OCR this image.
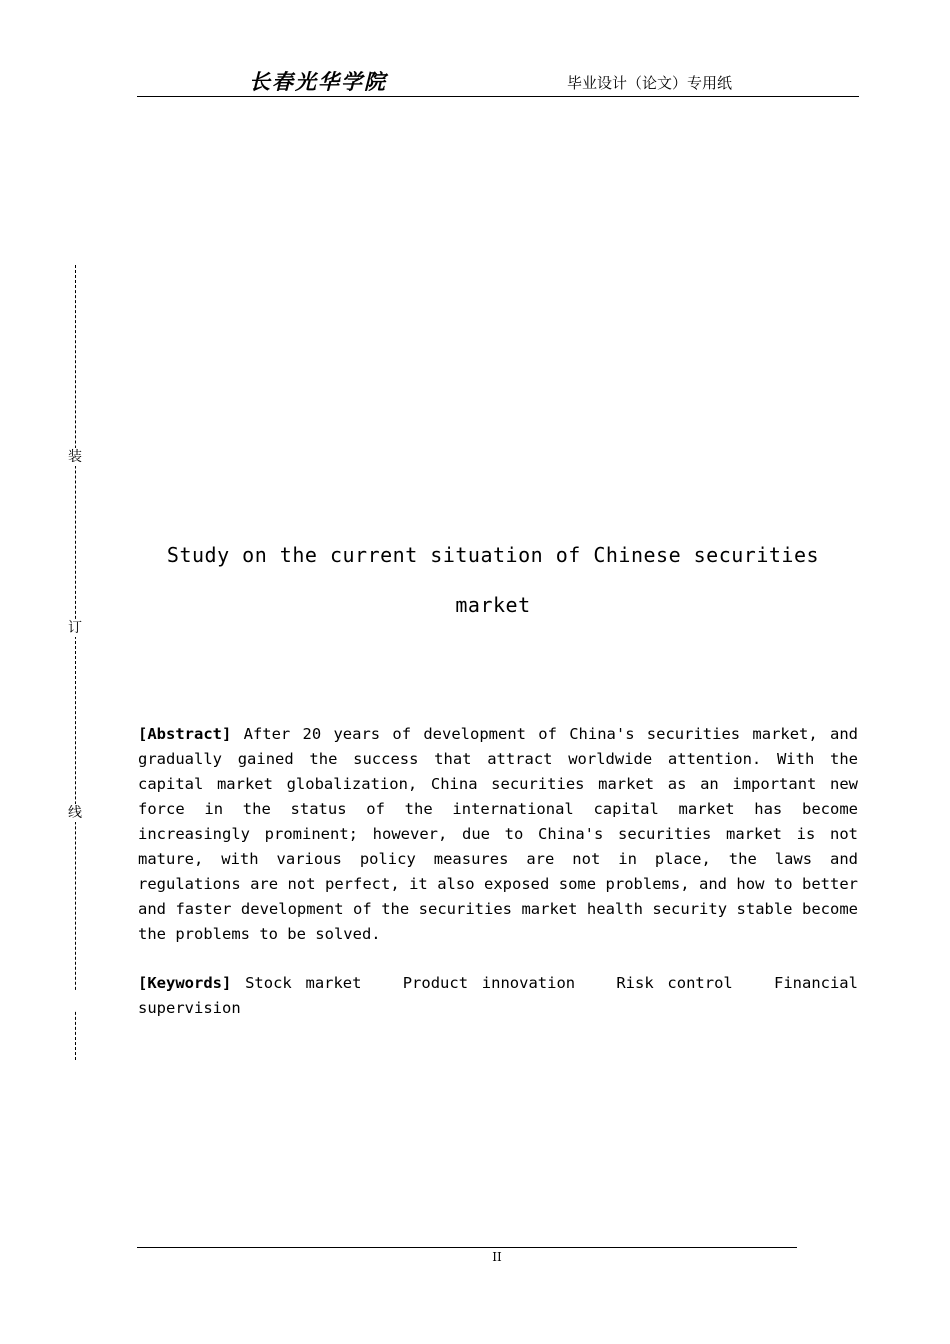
长春光华学院	毕业设计（论文）专用纸
装
订
线
Study on the current situation of Chinese securities market

[Abstract] After 20 years of development of China's securities market, and gradually gained the success that attract worldwide attention. With the capital market globalization, China securities market as an important new force in the status of the international capital market has become increasingly prominent; however, due to China's securities market is not mature, with various policy measures are not in place, the laws and regulations are not perfect, it also exposed some problems, and how to better and faster development of the securities market health security stable become the problems to be solved.

[Keywords] Stock market   Product innovation   Risk control   Financial supervision

II
